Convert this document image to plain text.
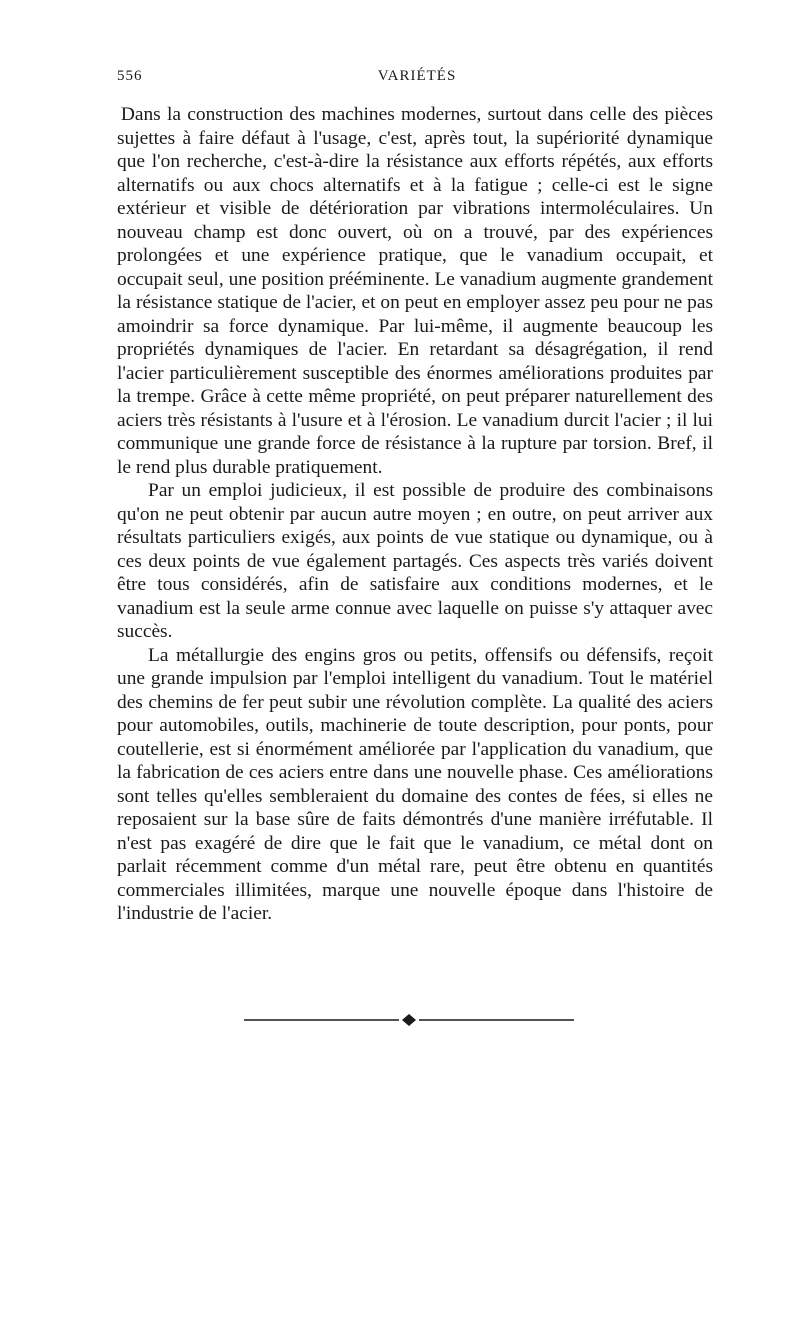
556	VARIÉTÉS

Dans la construction des machines modernes, surtout dans celle des pièces sujettes à faire défaut à l'usage, c'est, après tout, la supériorité dynamique que l'on recherche, c'est-à-dire la résistance aux efforts répétés, aux efforts alternatifs ou aux chocs alternatifs et à la fatigue ; celle-ci est le signe extérieur et visible de détérioration par vibrations intermoléculaires. Un nouveau champ est donc ouvert, où on a trouvé, par des expériences prolongées et une expérience pratique, que le vanadium occupait, et occupait seul, une position prééminente. Le vanadium augmente grandement la résistance statique de l'acier, et on peut en employer assez peu pour ne pas amoindrir sa force dynamique. Par lui-même, il augmente beaucoup les propriétés dynamiques de l'acier. En retardant sa désagrégation, il rend l'acier particulièrement susceptible des énormes améliorations produites par la trempe. Grâce à cette même propriété, on peut préparer naturellement des aciers très résistants à l'usure et à l'érosion. Le vanadium durcit l'acier ; il lui communique une grande force de résistance à la rupture par torsion. Bref, il le rend plus durable pratiquement.

Par un emploi judicieux, il est possible de produire des combinaisons qu'on ne peut obtenir par aucun autre moyen ; en outre, on peut arriver aux résultats particuliers exigés, aux points de vue statique ou dynamique, ou à ces deux points de vue également partagés. Ces aspects très variés doivent être tous considérés, afin de satisfaire aux conditions modernes, et le vanadium est la seule arme connue avec laquelle on puisse s'y attaquer avec succès.

La métallurgie des engins gros ou petits, offensifs ou défensifs, reçoit une grande impulsion par l'emploi intelligent du vanadium. Tout le matériel des chemins de fer peut subir une révolution complète. La qualité des aciers pour automobiles, outils, machinerie de toute description, pour ponts, pour coutellerie, est si énormément améliorée par l'application du vanadium, que la fabrication de ces aciers entre dans une nouvelle phase. Ces améliorations sont telles qu'elles sembleraient du domaine des contes de fées, si elles ne reposaient sur la base sûre de faits démontrés d'une manière irréfutable. Il n'est pas exagéré de dire que le fait que le vanadium, ce métal dont on parlait récemment comme d'un métal rare, peut être obtenu en quantités commerciales illimitées, marque une nouvelle époque dans l'histoire de l'industrie de l'acier.
